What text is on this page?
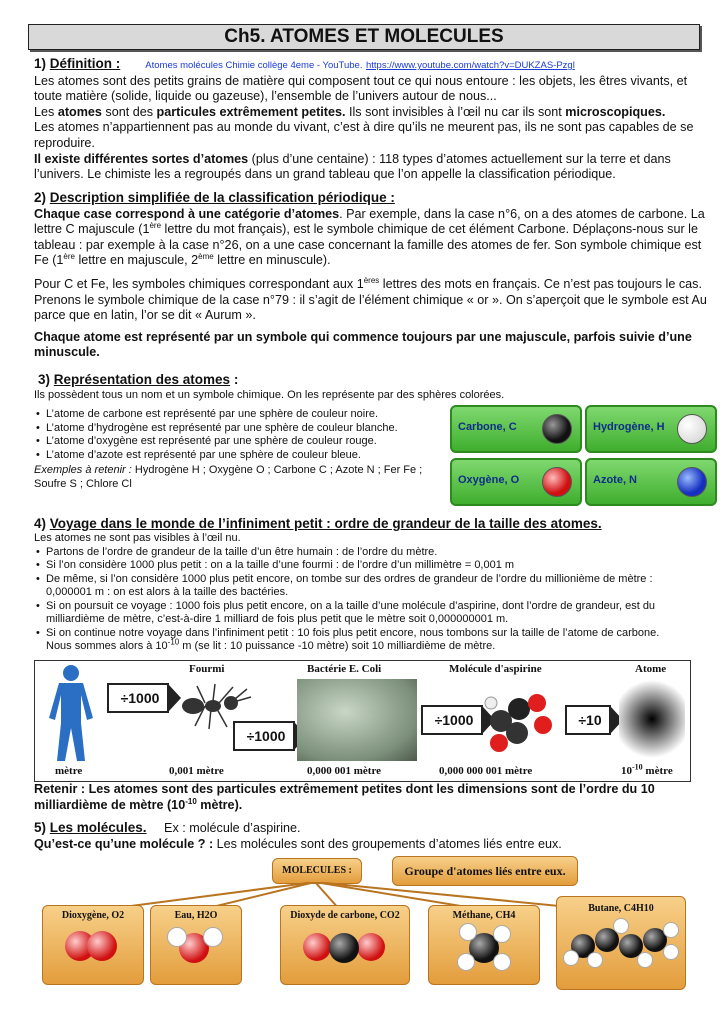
Ch5. ATOMES ET MOLECULES
1) Définition :	Atomes molécules Chimie collège 4eme - YouTube. https://www.youtube.com/watch?v=DUKZAS-Pzgl
Les atomes sont des petits grains de matière qui composent tout ce qui nous entoure : les objets, les êtres vivants, et toute matière (solide, liquide ou gazeuse), l’ensemble de l’univers autour de nous...
Les atomes sont des particules extrêmement petites. Ils sont invisibles à l’œil nu car ils sont microscopiques.
Les atomes n’appartiennent pas au monde du vivant, c’est à dire qu’ils ne meurent pas, ils ne sont pas capables de se reproduire.
Il existe différentes sortes d’atomes (plus d’une centaine) : 118 types d’atomes actuellement sur la terre et dans l’univers. Le chimiste les a regroupés dans un grand tableau que l’on appelle la classification périodique.
2) Description simplifiée de la classification périodique :
Chaque case correspond à une catégorie d’atomes. Par exemple, dans la case n°6, on a des atomes de carbone. La lettre C majuscule (1ère lettre du mot français), est le symbole chimique de cet élément Carbone. Déplaçons-nous sur le tableau : par exemple à la case n°26, on a une case concernant la famille des atomes de fer. Son symbole chimique est Fe (1ère lettre en majuscule, 2ème lettre en minuscule).
Pour C et Fe, les symboles chimiques correspondant aux 1ères lettres des mots en français. Ce n’est pas toujours le cas. Prenons le symbole chimique de la case n°79 : il s’agit de l’élément chimique « or ». On s’aperçoit que le symbole est Au parce que en latin, l’or se dit « Aurum ».
Chaque atome est représenté par un symbole qui commence toujours par une majuscule, parfois suivie d’une minuscule.
3) Représentation des atomes :
Ils possèdent tous un nom et un symbole chimique. On les représente par des sphères colorées.
• L’atome de carbone est représenté par une sphère de couleur noire.
• L’atome d’hydrogène est représenté par une sphère de couleur blanche.
• L’atome d’oxygène est représenté par une sphère de couleur rouge.
• L’atome d’azote est représenté par une sphère de couleur bleue.
Exemples à retenir : Hydrogène H ; Oxygène O ; Carbone C ; Azote N ; Fer Fe ; Soufre S ; Chlore Cl
Carbone, C	Hydrogène, H
Oxygène, O	Azote, N
4) Voyage dans le monde de l’infiniment petit : ordre de grandeur de la taille des atomes.
Les atomes ne sont pas visibles à l’œil nu.
• Partons de l’ordre de grandeur de la taille d’un être humain : de l’ordre du mètre.
• Si l’on considère 1000 plus petit : on a la taille d’une fourmi : de l’ordre d’un millimètre = 0,001 m
• De même, si l’on considère 1000 plus petit encore, on tombe sur des ordres de grandeur de l’ordre du millionième de mètre : 0,000001 m : on est alors à la taille des bactéries.
• Si on poursuit ce voyage : 1000 fois plus petit encore, on a la taille d’une molécule d’aspirine, dont l’ordre de grandeur, est du milliardième de mètre, c’est-à-dire 1 milliard de fois plus petit que le mètre soit 0,000000001 m.
• Si on continue notre voyage dans l’infiniment petit : 10 fois plus petit encore, nous tombons sur la taille de l’atome de carbone. Nous sommes alors à $10^{-10}$ m (se lit : 10 puissance -10 mètre) soit 10 milliardième de mètre.
÷1000
Fourmi
÷1000
Bactérie E. Coli
÷1000
Molécule d'aspirine
÷10
Atome
mètre	0,001 mètre	0,000 001 mètre	0,000 000 001 mètre	$10^{-10}$ mètre
Retenir : Les atomes sont des particules extrêmement petites dont les dimensions sont de l’ordre du 10 milliardième de mètre ($10^{-10}$ mètre).
5) Les molécules.     Ex : molécule d’aspirine.
Qu’est-ce qu’une molécule ? : Les molécules sont des groupements d’atomes liés entre eux.
MOLECULES :	Groupe d'atomes liés entre eux.
Dioxygène, O2	Eau, H2O	Dioxyde de carbone, CO2	Méthane, CH4
Butane, C4H10
